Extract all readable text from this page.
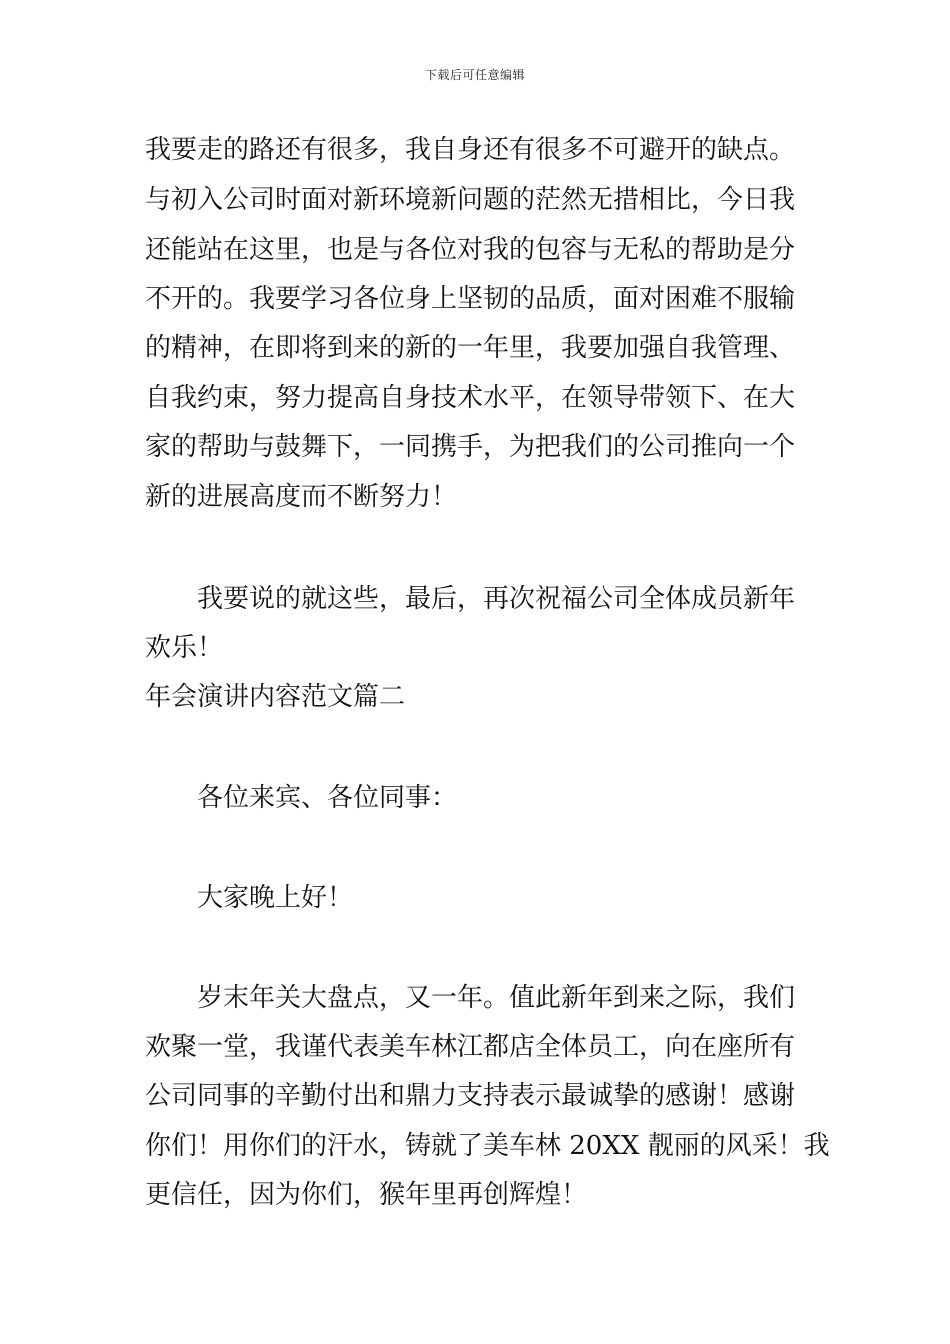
下载后可任意编辑
我要走的路还有很多，我自身还有很多不可避开的缺点。
与初入公司时面对新环境新问题的茫然无措相比，今日我
还能站在这里，也是与各位对我的包容与无私的帮助是分
不开的。我要学习各位身上坚韧的品质，面对困难不服输
的精神，在即将到来的新的一年里，我要加强自我管理、
自我约束，努力提高自身技术水平，在领导带领下、在大
家的帮助与鼓舞下，一同携手，为把我们的公司推向一个
新的进展高度而不断努力！
我要说的就这些，最后，再次祝福公司全体成员新年
欢乐！
年会演讲内容范文篇二
各位来宾、各位同事：
大家晚上好！
岁末年关大盘点，又一年。值此新年到来之际，我们
欢聚一堂，我谨代表美车林江都店全体员工，向在座所有
公司同事的辛勤付出和鼎力支持表示最诚挚的感谢！感谢
你们！用你们的汗水，铸就了美车林 20XX 靓丽的风采！我
更信任，因为你们，猴年里再创辉煌！
